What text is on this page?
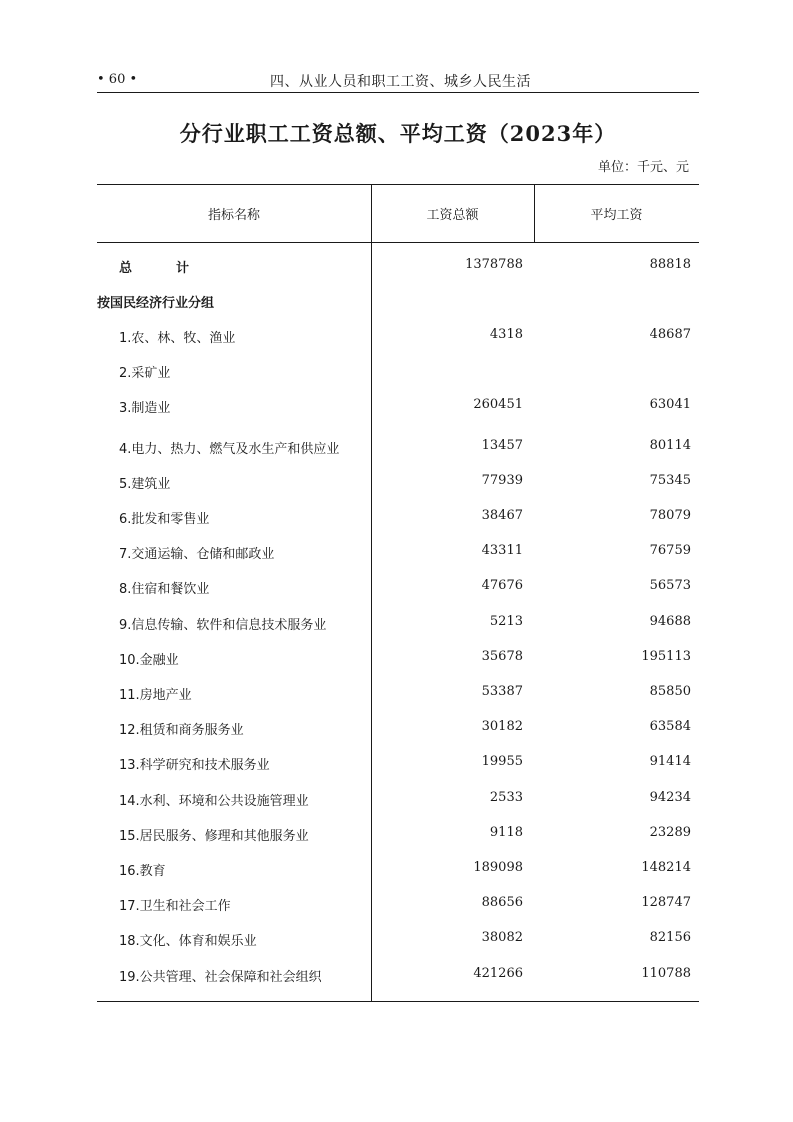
• 60 •	四、从业人员和职工工资、城乡人民生活
分行业职工工资总额、平均工资（2023年）
单位：千元、元
指标名称	工资总额	平均工资
总计	1378788	88818
按国民经济行业分组
1.农、林、牧、渔业	4318	48687
2.采矿业
3.制造业	260451	63041
4.电力、热力、燃气及水生产和供应业	13457	80114
5.建筑业	77939	75345
6.批发和零售业	38467	78079
7.交通运输、仓储和邮政业	43311	76759
8.住宿和餐饮业	47676	56573
9.信息传输、软件和信息技术服务业	5213	94688
10.金融业	35678	195113
11.房地产业	53387	85850
12.租赁和商务服务业	30182	63584
13.科学研究和技术服务业	19955	91414
14.水利、环境和公共设施管理业	2533	94234
15.居民服务、修理和其他服务业	9118	23289
16.教育	189098	148214
17.卫生和社会工作	88656	128747
18.文化、体育和娱乐业	38082	82156
19.公共管理、社会保障和社会组织	421266	110788
